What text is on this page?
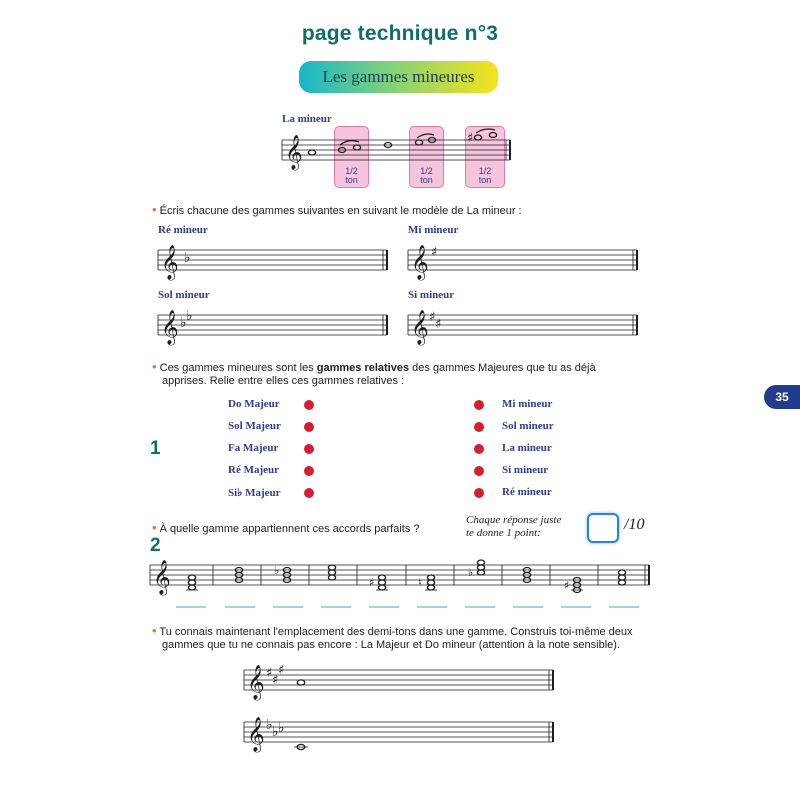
page technique n°3
Les gammes mineures
La mineur
1/2
ton
1/2
ton
1/2
ton
𝄞	♯
• Écris chacune des gammes suivantes en suivant le modèle de La mineur :
Ré mineur	Mi mineur
Sol mineur	Si mineur
𝄞 ♭	𝄞 ♯
𝄞 ♭ ♭	𝄞 ♯ ♯
• Ces gammes mineures sont les gammes relatives des gammes Majeures que tu as déjà
apprises. Relie entre elles ces gammes relatives :
35
1
Do Majeur
Sol Majeur
Fa Majeur
Ré Majeur
Si♭ Majeur
Mi mineur
Sol mineur
La mineur
Si mineur
Ré mineur
• À quelle gamme appartiennent ces accords parfaits ?
Chaque réponse juste
te donne 1 point:	/10
2
𝄞	♭
♯	♮
♭
♯
• Tu connais maintenant l'emplacement des demi-tons dans une gamme. Construis toi-même deux
gammes que tu ne connais pas encore : La Majeur et Do mineur (attention à la note sensible).
𝄞 ♯ ♯
♯
𝄞 ♭ ♭ ♭
